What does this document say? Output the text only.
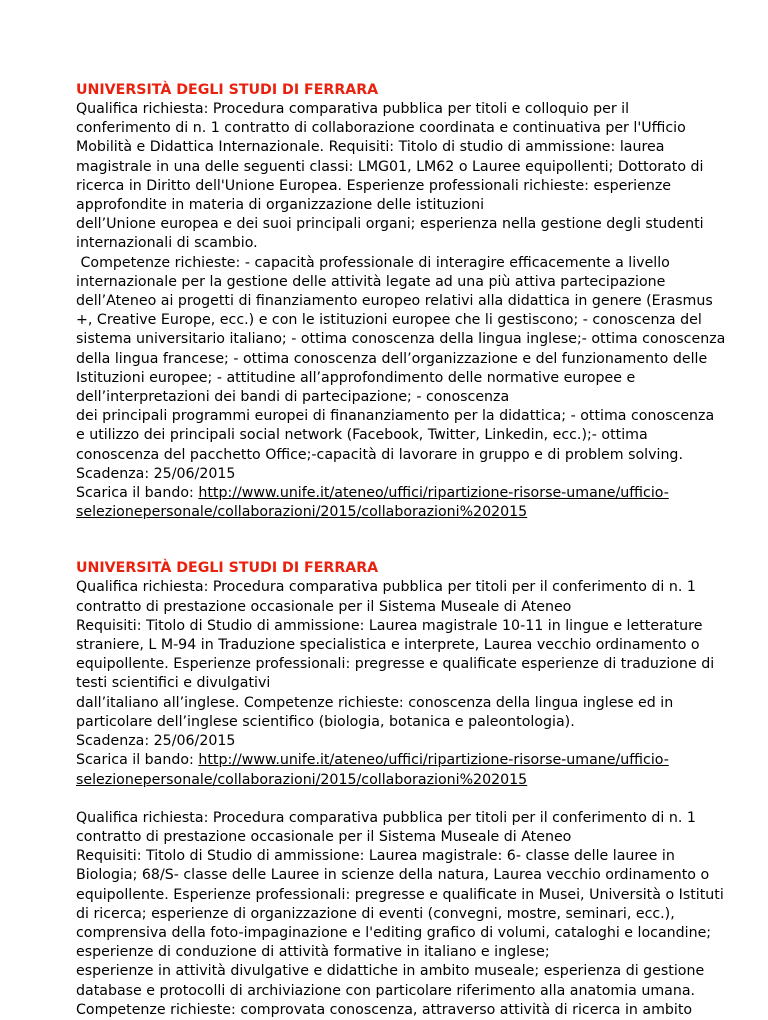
UNIVERSITÀ DEGLI STUDI DI FERRARA

Qualifica richiesta: Procedura comparativa pubblica per titoli e colloquio per il

conferimento di n. 1 contratto di collaborazione coordinata e continuativa per l'Ufficio

Mobilità e Didattica Internazionale. Requisiti: Titolo di studio di ammissione: laurea

magistrale in una delle seguenti classi: LMG01, LM62 o Lauree equipollenti; Dottorato di

ricerca in Diritto dell'Unione Europea. Esperienze professionali richieste: esperienze

approfondite in materia di organizzazione delle istituzioni

dell’Unione europea e dei suoi principali organi; esperienza nella gestione degli studenti

internazionali di scambio.

Competenze richieste: - capacità professionale di interagire efficacemente a livello

internazionale per la gestione delle attività legate ad una più attiva partecipazione

dell’Ateneo ai progetti di finanziamento europeo relativi alla didattica in genere (Erasmus

+, Creative Europe, ecc.) e con le istituzioni europee che li gestiscono; - conoscenza del

sistema universitario italiano; - ottima conoscenza della lingua inglese;- ottima conoscenza

della lingua francese; - ottima conoscenza dell’organizzazione e del funzionamento delle

Istituzioni europee; - attitudine all’approfondimento delle normative europee e

dell’interpretazioni dei bandi di partecipazione; - conoscenza

dei principali programmi europei di finananziamento per la didattica; - ottima conoscenza

e utilizzo dei principali social network (Facebook, Twitter, Linkedin, ecc.);- ottima

conoscenza del pacchetto Office;-capacità di lavorare in gruppo e di problem solving.

Scadenza: 25/06/2015

Scarica il bando: http://www.unife.it/ateneo/uffici/ripartizione-risorse-umane/ufficio-

selezionepersonale/collaborazioni/2015/collaborazioni%202015

UNIVERSITÀ DEGLI STUDI DI FERRARA

Qualifica richiesta: Procedura comparativa pubblica per titoli per il conferimento di n. 1

contratto di prestazione occasionale per il Sistema Museale di Ateneo

Requisiti: Titolo di Studio di ammissione: Laurea magistrale 10-11 in lingue e letterature

straniere, L M-94 in Traduzione specialistica e interprete, Laurea vecchio ordinamento o

equipollente. Esperienze professionali: pregresse e qualificate esperienze di traduzione di

testi scientifici e divulgativi

dall’italiano all’inglese. Competenze richieste: conoscenza della lingua inglese ed in

particolare dell’inglese scientifico (biologia, botanica e paleontologia).

Scadenza: 25/06/2015

Scarica il bando: http://www.unife.it/ateneo/uffici/ripartizione-risorse-umane/ufficio-

selezionepersonale/collaborazioni/2015/collaborazioni%202015

Qualifica richiesta: Procedura comparativa pubblica per titoli per il conferimento di n. 1

contratto di prestazione occasionale per il Sistema Museale di Ateneo

Requisiti: Titolo di Studio di ammissione: Laurea magistrale: 6- classe delle lauree in

Biologia; 68/S- classe delle Lauree in scienze della natura, Laurea vecchio ordinamento o

equipollente. Esperienze professionali: pregresse e qualificate in Musei, Università o Istituti

di ricerca; esperienze di organizzazione di eventi (convegni, mostre, seminari, ecc.),

comprensiva della foto-impaginazione e l'editing grafico di volumi, cataloghi e locandine;

esperienze di conduzione di attività formative in italiano e inglese;

esperienze in attività divulgative e didattiche in ambito museale; esperienza di gestione

database e protocolli di archiviazione con particolare riferimento alla anatomia umana.

Competenze richieste: comprovata conoscenza, attraverso attività di ricerca in ambito
